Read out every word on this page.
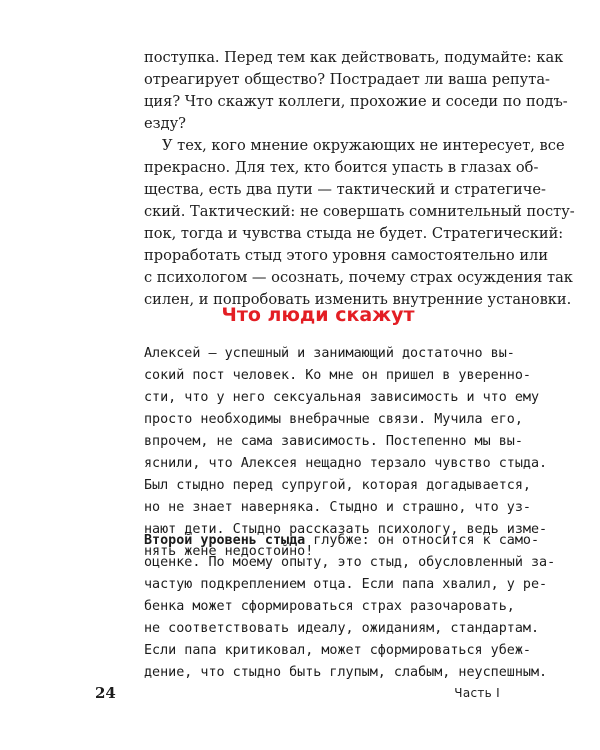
поступка. Перед тем как действовать, подумайте: как
отреагирует общество? Пострадает ли ваша репута-
ция? Что скажут коллеги, прохожие и соседи по подъ-
езду?

У тех, кого мнение окружающих не интересует, все
прекрасно. Для тех, кто боится упасть в глазах об-
щества, есть два пути — тактический и стратегиче-
ский. Тактический: не совершать сомнительный посту-
пок, тогда и чувства стыда не будет. Стратегический:
проработать стыд этого уровня самостоятельно или
с психологом — осознать, почему страх осуждения так
силен, и попробовать изменить внутренние установки.

Что люди скажут

Алексей — успешный и занимающий достаточно вы-
сокий пост человек. Ко мне он пришел в уверенно-
сти, что у него сексуальная зависимость и что ему
просто необходимы внебрачные связи. Мучила его,
впрочем, не сама зависимость. Постепенно мы вы-
яснили, что Алексея нещадно терзало чувство стыда.
Был стыдно перед супругой, которая догадывается,
но не знает наверняка. Стыдно и страшно, что уз-
нают дети. Стыдно рассказать психологу, ведь изме-
нять жене недостойно!

Второй уровень стыда глубже: он относится к само-
оценке. По моему опыту, это стыд, обусловленный за-
частую подкреплением отца. Если папа хвалил, у ре-
бенка может сформироваться страх разочаровать,
не соответствовать идеалу, ожиданиям, стандартам.
Если папа критиковал, может сформироваться убеж-
дение, что стыдно быть глупым, слабым, неуспешным.

24	Часть I
